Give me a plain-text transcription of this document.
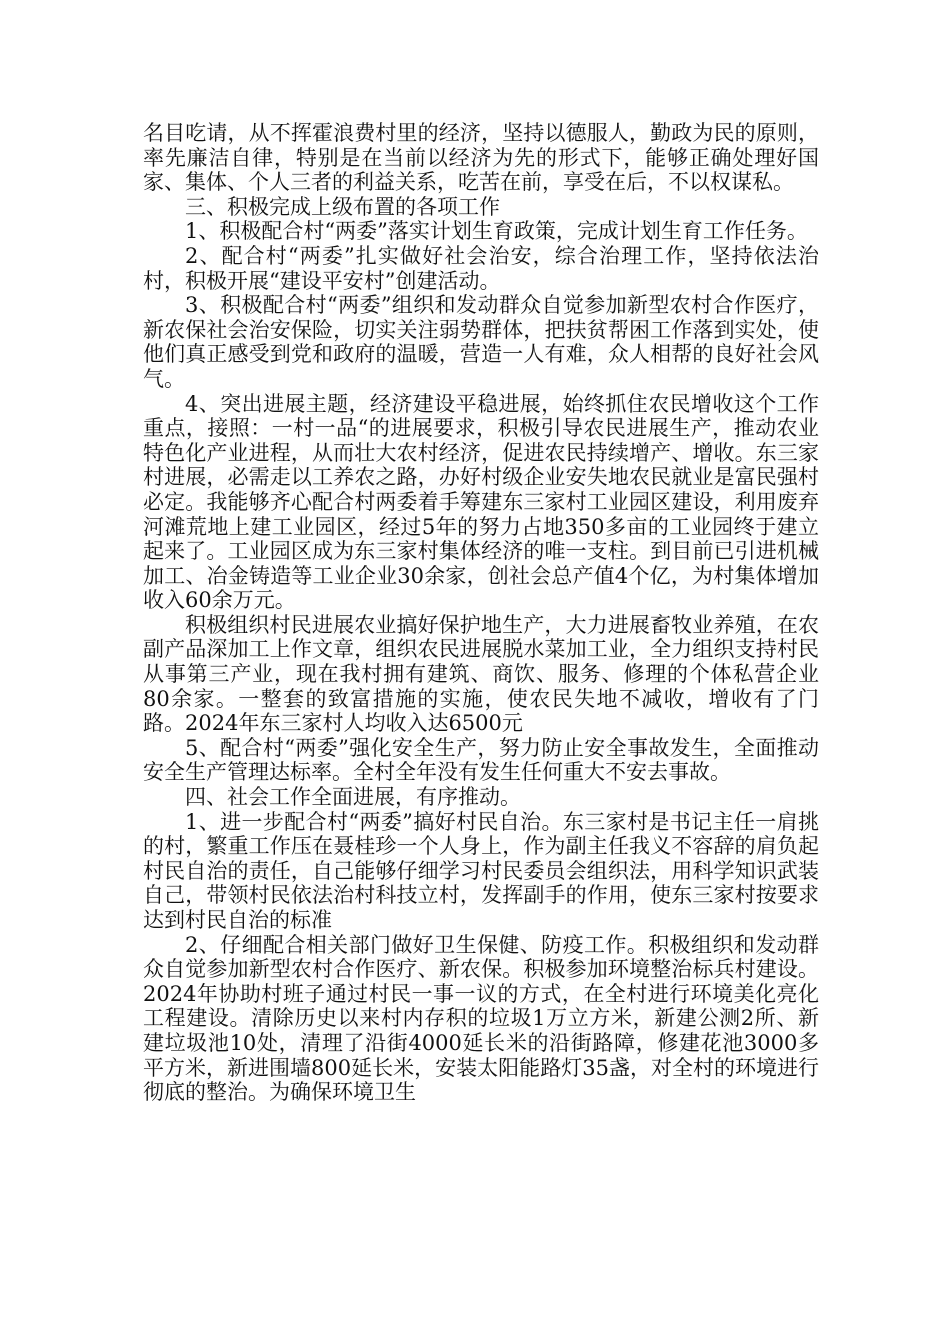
名目吃请，从不挥霍浪费村里的经济，坚持以德服人，勤政为民的原则，率先廉洁自律，特别是在当前以经济为先的形式下，能够正确处理好国家、集体、个人三者的利益关系，吃苦在前，享受在后，不以权谋私。

三、积极完成上级布置的各项工作

1、积极配合村“两委”落实计划生育政策，完成计划生育工作任务。

2、配合村“两委”扎实做好社会治安，综合治理工作，坚持依法治村，积极开展“建设平安村”创建活动。

3、积极配合村“两委”组织和发动群众自觉参加新型农村合作医疗，新农保社会治安保险，切实关注弱势群体，把扶贫帮困工作落到实处，使他们真正感受到党和政府的温暖，营造一人有难，众人相帮的良好社会风气。

4、突出进展主题，经济建设平稳进展，始终抓住农民增收这个工作重点，接照：一村一品“的进展要求，积极引导农民进展生产，推动农业特色化产业进程，从而壮大农村经济，促进农民持续增产、增收。东三家村进展，必需走以工养农之路，办好村级企业安失地农民就业是富民强村必定。我能够齐心配合村两委着手筹建东三家村工业园区建设，利用废弃河滩荒地上建工业园区，经过5年的努力占地350多亩的工业园终于建立起来了。工业园区成为东三家村集体经济的唯一支柱。到目前已引进机械加工、冶金铸造等工业企业30余家，创社会总产值4个亿，为村集体增加收入60余万元。

积极组织村民进展农业搞好保护地生产，大力进展畜牧业养殖，在农副产品深加工上作文章，组织农民进展脱水菜加工业，全力组织支持村民从事第三产业，现在我村拥有建筑、商饮、服务、修理的个体私营企业80余家。一整套的致富措施的实施，使农民失地不减收，增收有了门路。2024年东三家村人均收入达6500元

5、配合村“两委”强化安全生产，努力防止安全事故发生，全面推动安全生产管理达标率。全村全年没有发生任何重大不安去事故。

四、社会工作全面进展，有序推动。

1、进一步配合村“两委”搞好村民自治。东三家村是书记主任一肩挑的村，繁重工作压在聂桂珍一个人身上，作为副主任我义不容辞的肩负起村民自治的责任，自己能够仔细学习村民委员会组织法，用科学知识武装自己，带领村民依法治村科技立村，发挥副手的作用，使东三家村按要求达到村民自治的标准

2、仔细配合相关部门做好卫生保健、防疫工作。积极组织和发动群众自觉参加新型农村合作医疗、新农保。积极参加环境整治标兵村建设。2024年协助村班子通过村民一事一议的方式，在全村进行环境美化亮化工程建设。清除历史以来村内存积的垃圾1万立方米，新建公测2所、新建垃圾池10处，清理了沿街4000延长米的沿街路障，修建花池3000多平方米，新进围墙800延长米，安装太阳能路灯35盏，对全村的环境进行彻底的整治。为确保环境卫生
